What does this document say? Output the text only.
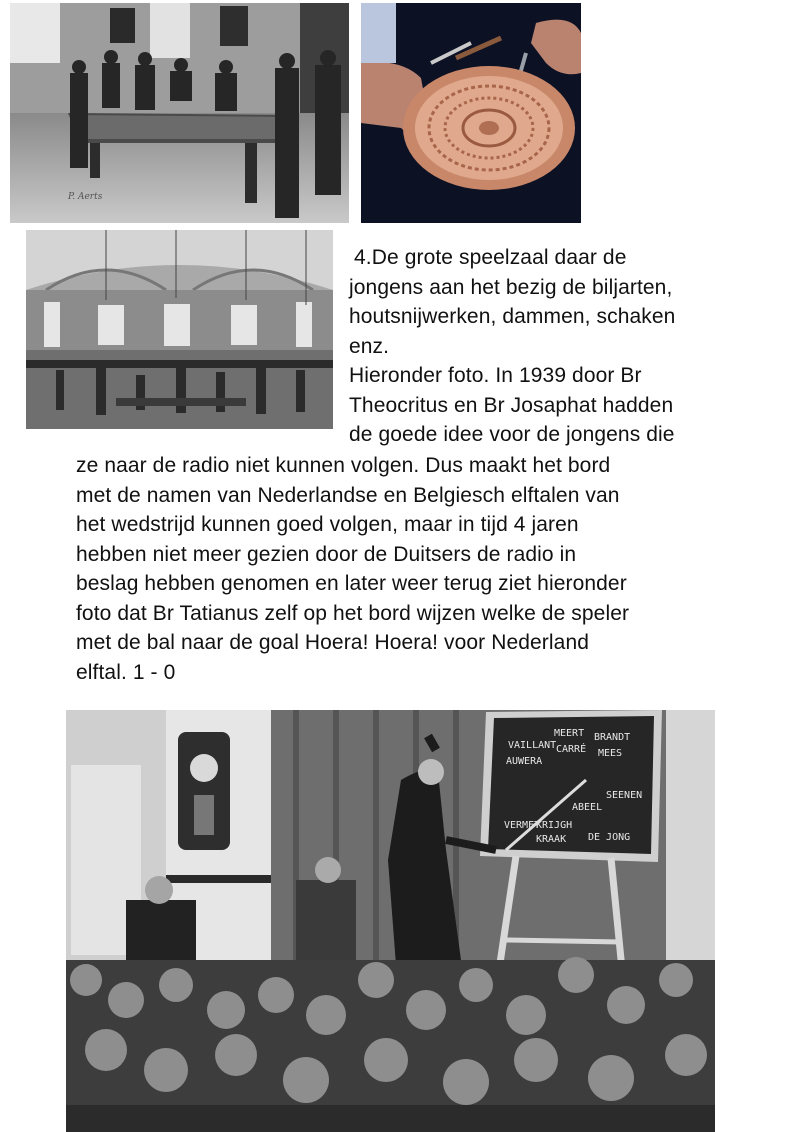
P. Aerts
4.De grote speelzaal daar de
jongens aan het bezig de biljarten,
houtsnijwerken, dammen, schaken
enz.
Hieronder foto. In 1939 door Br
Theocritus en Br Josaphat hadden
de goede idee voor de jongens die
ze naar de radio niet kunnen volgen. Dus maakt het bord
met de namen van Nederlandse en Belgiesch elftalen van
het wedstrijd kunnen goed volgen, maar in tijd 4 jaren
hebben niet meer gezien door de Duitsers de radio in
beslag hebben genomen en later weer terug ziet hieronder
foto dat Br Tatianus zelf op het bord wijzen welke de speler
met de bal naar de goal Hoera! Hoera! voor Nederland
elftal. 1 - 0
MEERT BRANDT
VAILLANT CARRÉ MEES
AUWERA
ABEEL
SEENEN
VERMET
KRAAK
KRIJGH
DE JONG
